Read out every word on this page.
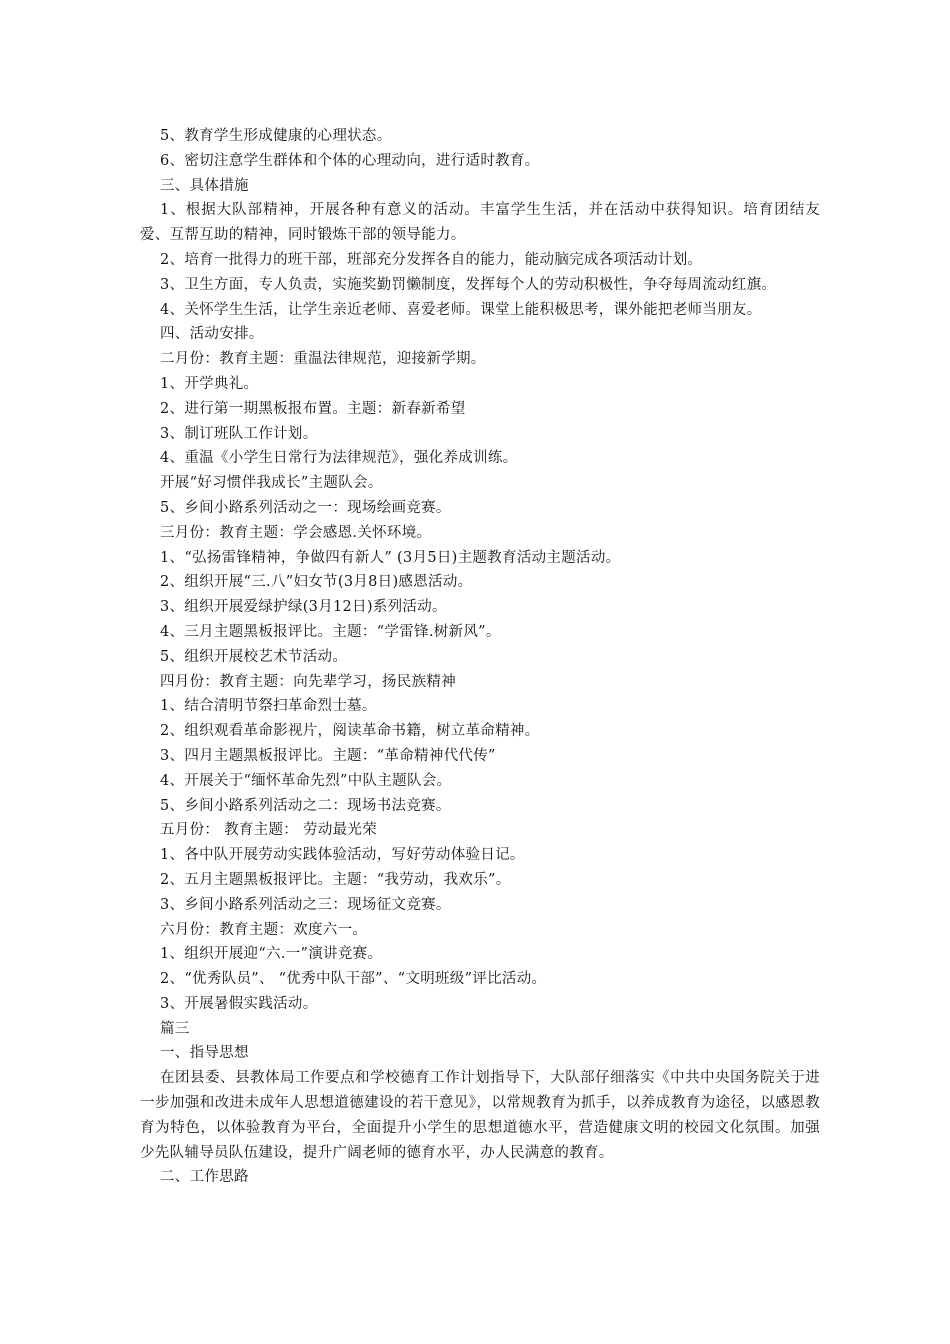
5、教育学生形成健康的心理状态。
6、密切注意学生群体和个体的心理动向，进行适时教育。
三、具体措施
1、根据大队部精神，开展各种有意义的活动。丰富学生生活，并在活动中获得知识。培育团结友爱、互帮互助的精神，同时锻炼干部的领导能力。
2、培育一批得力的班干部，班部充分发挥各自的能力，能动脑完成各项活动计划。
3、卫生方面，专人负责，实施奖勤罚懒制度，发挥每个人的劳动积极性，争夺每周流动红旗。
4、关怀学生生活，让学生亲近老师、喜爱老师。课堂上能积极思考，课外能把老师当朋友。
四、活动安排。
二月份：教育主题：重温法律规范，迎接新学期。
1、开学典礼。
2、进行第一期黑板报布置。主题：新春新希望
3、制订班队工作计划。
4、重温《小学生日常行为法律规范》，强化养成训练。
开展“好习惯伴我成长”主题队会。
5、乡间小路系列活动之一：现场绘画竞赛。
三月份：教育主题：学会感恩.关怀环境。
1、“弘扬雷锋精神，争做四有新人” (3月5日)主题教育活动主题活动。
2、组织开展“三.八”妇女节(3月8日)感恩活动。
3、组织开展爱绿护绿(3月12日)系列活动。
4、三月主题黑板报评比。主题：“学雷锋.树新风”。
5、组织开展校艺术节活动。
四月份：教育主题：向先辈学习，扬民族精神
1、结合清明节祭扫革命烈士墓。
2、组织观看革命影视片，阅读革命书籍，树立革命精神。
3、四月主题黑板报评比。主题：“革命精神代代传”
4、开展关于“缅怀革命先烈”中队主题队会。
5、乡间小路系列活动之二：现场书法竞赛。
五月份： 教育主题： 劳动最光荣
1、各中队开展劳动实践体验活动，写好劳动体验日记。
2、五月主题黑板报评比。主题：“我劳动，我欢乐”。
3、乡间小路系列活动之三：现场征文竞赛。
六月份：教育主题：欢度六一。
1、组织开展迎“六.一”演讲竞赛。
2、“优秀队员”、 “优秀中队干部”、“文明班级”评比活动。
3、开展暑假实践活动。
篇三
一、指导思想
在团县委、县教体局工作要点和学校德育工作计划指导下，大队部仔细落实《中共中央国务院关于进一步加强和改进未成年人思想道德建设的若干意见》，以常规教育为抓手，以养成教育为途径，以感恩教育为特色，以体验教育为平台，全面提升小学生的思想道德水平，营造健康文明的校园文化氛围。加强少先队辅导员队伍建设，提升广阔老师的德育水平，办人民满意的教育。
二、工作思路
